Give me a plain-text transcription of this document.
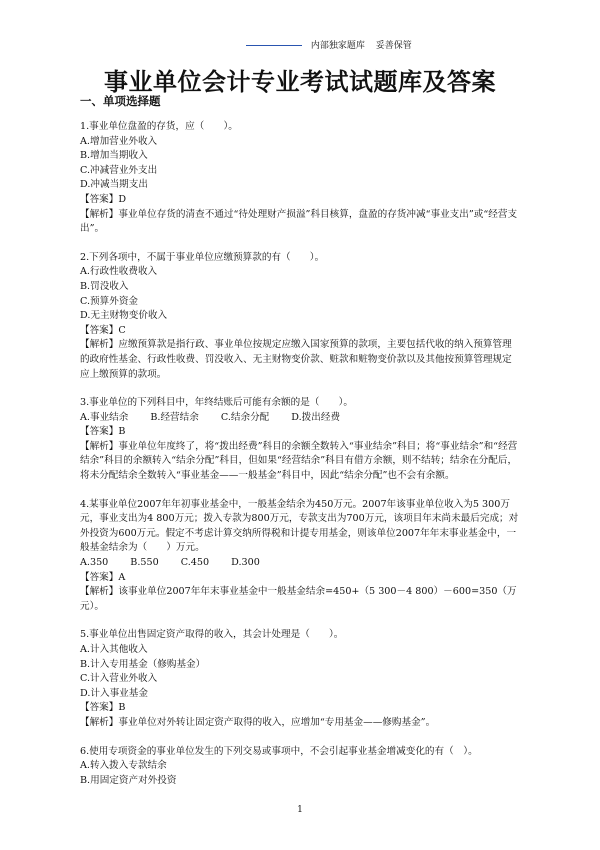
内部独家题库 妥善保管
事业单位会计专业考试试题库及答案
一、单项选择题

1.事业单位盘盈的存货，应（　　）。

A.增加营业外收入

B.增加当期收入

C.冲减营业外支出

D.冲减当期支出

【答案】D

【解析】事业单位存货的清查不通过“待处理财产损溢”科目核算，盘盈的存货冲减“事业支出”或“经营支出”。

2.下列各项中，不属于事业单位应缴预算款的有（　　）。

A.行政性收费收入

B.罚没收入

C.预算外资金

D.无主财物变价收入

【答案】C

【解析】应缴预算款是指行政、事业单位按规定应缴入国家预算的款项，主要包括代收的纳入预算管理的政府性基金、行政性收费、罚没收入、无主财物变价款、赃款和赃物变价款以及其他按预算管理规定应上缴预算的款项。

3.事业单位的下列科目中，年终结账后可能有余额的是（　　）。

A.事业结余 B.经营结余 C.结余分配 D.拨出经费

【答案】B

【解析】事业单位年度终了，将“拨出经费”科目的余额全数转入“事业结余”科目；将“事业结余”和“经营结余”科目的余额转入“结余分配”科目，但如果“经营结余”科目有借方余额，则不结转；结余在分配后，将未分配结余全数转入“事业基金——一般基金”科目中，因此“结余分配”也不会有余额。

4.某事业单位2007年年初事业基金中，一般基金结余为450万元。2007年该事业单位收入为5 300万元，事业支出为4 800万元；拨入专款为800万元，专款支出为700万元，该项目年末尚未最后完成；对外投资为600万元。假定不考虑计算交纳所得税和计提专用基金，则该单位2007年年末事业基金中，一般基金结余为（　　）万元。

A.350 B.550 C.450 D.300

【答案】A

【解析】该事业单位2007年年末事业基金中一般基金结余=450+（5 300－4 800）－600=350（万元）。

5.事业单位出售固定资产取得的收入，其会计处理是（　　）。

A.计入其他收入

B.计入专用基金（修购基金）

C.计入营业外收入

D.计入事业基金

【答案】B

【解析】事业单位对外转让固定资产取得的收入，应增加“专用基金——修购基金”。

6.使用专项资金的事业单位发生的下列交易或事项中，不会引起事业基金增减变化的有（　）。

A.转入拨入专款结余

B.用固定资产对外投资

1
